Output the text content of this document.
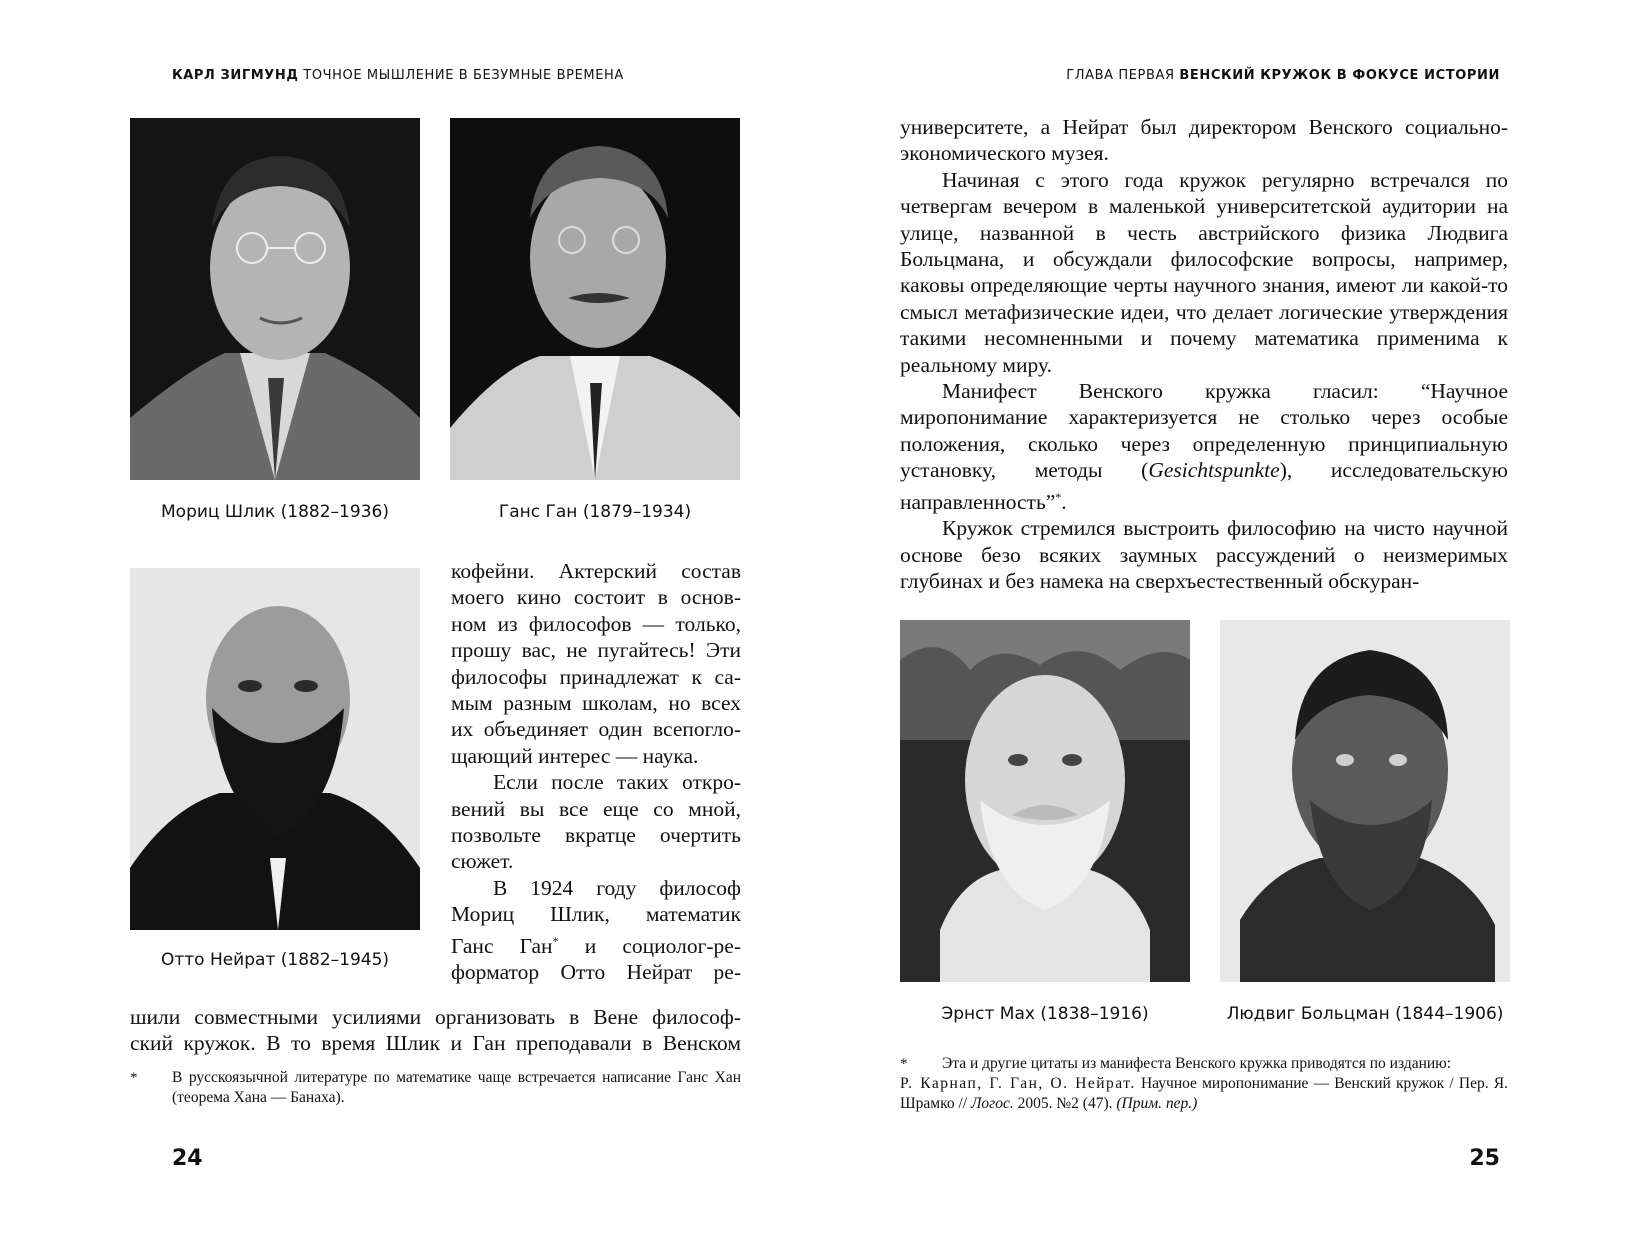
КАРЛ ЗИГМУНД ТОЧНОЕ МЫШЛЕНИЕ В БЕЗУМНЫЕ ВРЕМЕНА
Мориц Шлик (1882–1936)	Ганс Ган (1879–1934)
Отто Нейрат (1882–1945)
кофейни. Актерский состав
моего кино состоит в основ-
ном из философов — только,
прошу вас, не пугайтесь! Эти
философы принадлежат к са-
мым разным школам, но всех
их объединяет один всепогло-
щающий интерес — наука.
Если после таких откро-
вений вы все еще со мной,
позвольте вкратце очертить
сюжет.
В 1924 году философ
Мориц Шлик, математик
Ганс Ган* и социолог-ре-
форматор Отто Нейрат ре-
шили совместными усилиями организовать в Вене философ-
ский кружок. В то время Шлик и Ган преподавали в Венском
*	В русскоязычной литературе по математике чаще встречается написание Ганс Хан (теорема Хана — Банаха).
24
ГЛАВА ПЕРВАЯ ВЕНСКИЙ КРУЖОК В ФОКУСЕ ИСТОРИИ

университете, а Нейрат был директором Венского социально-экономического музея.

Начиная с этого года кружок регулярно встречался по четвергам вечером в маленькой университетской аудитории на улице, названной в честь австрийского физика Людвига Больцмана, и обсуждали философские вопросы, например, каковы определяющие черты научного знания, имеют ли какой-то смысл метафизические идеи, что делает логические утверждения такими несомненными и почему математика применима к реальному миру.

Манифест Венского кружка гласил: “Научное миропонимание характеризуется не столько через особые положения, сколько через определенную принципиальную установку, методы (Gesichtspunkte), исследовательскую направленность”*.

Кружок стремился выстроить философию на чисто научной основе безо всяких заумных рассуждений о неизмеримых глубинах и без намека на сверхъестественный обскуран-

Эрнст Мах (1838–1916)	Людвиг Больцман (1844–1906)
*	Эта и другие цитаты из манифеста Венского кружка приводятся по изданию:
Р. Карнап, Г. Ган, О. Нейрат. Научное миропонимание — Венский кружок / Пер. Я. Шрамко // Логос. 2005. №2 (47). (Прим. пер.)
25
